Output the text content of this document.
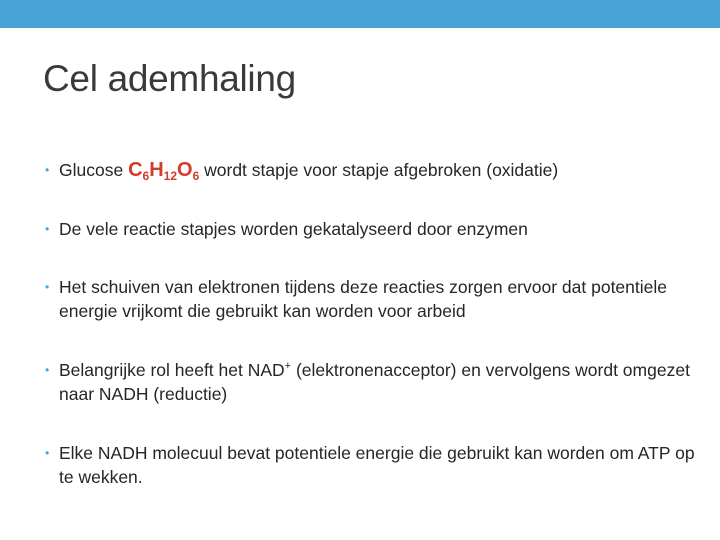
Cel ademhaling
• Glucose $C_6H_{12}O_6$ wordt stapje voor stapje afgebroken (oxidatie)
• De vele reactie stapjes worden gekatalyseerd door enzymen
• Het schuiven van elektronen tijdens deze reacties zorgen ervoor dat potentiele energie vrijkomt die gebruikt kan worden voor arbeid
• Belangrijke rol heeft het NAD+ (elektronenacceptor) en vervolgens wordt omgezet naar NADH (reductie)
• Elke NADH molecuul bevat potentiele energie die gebruikt kan worden om ATP op te wekken.
